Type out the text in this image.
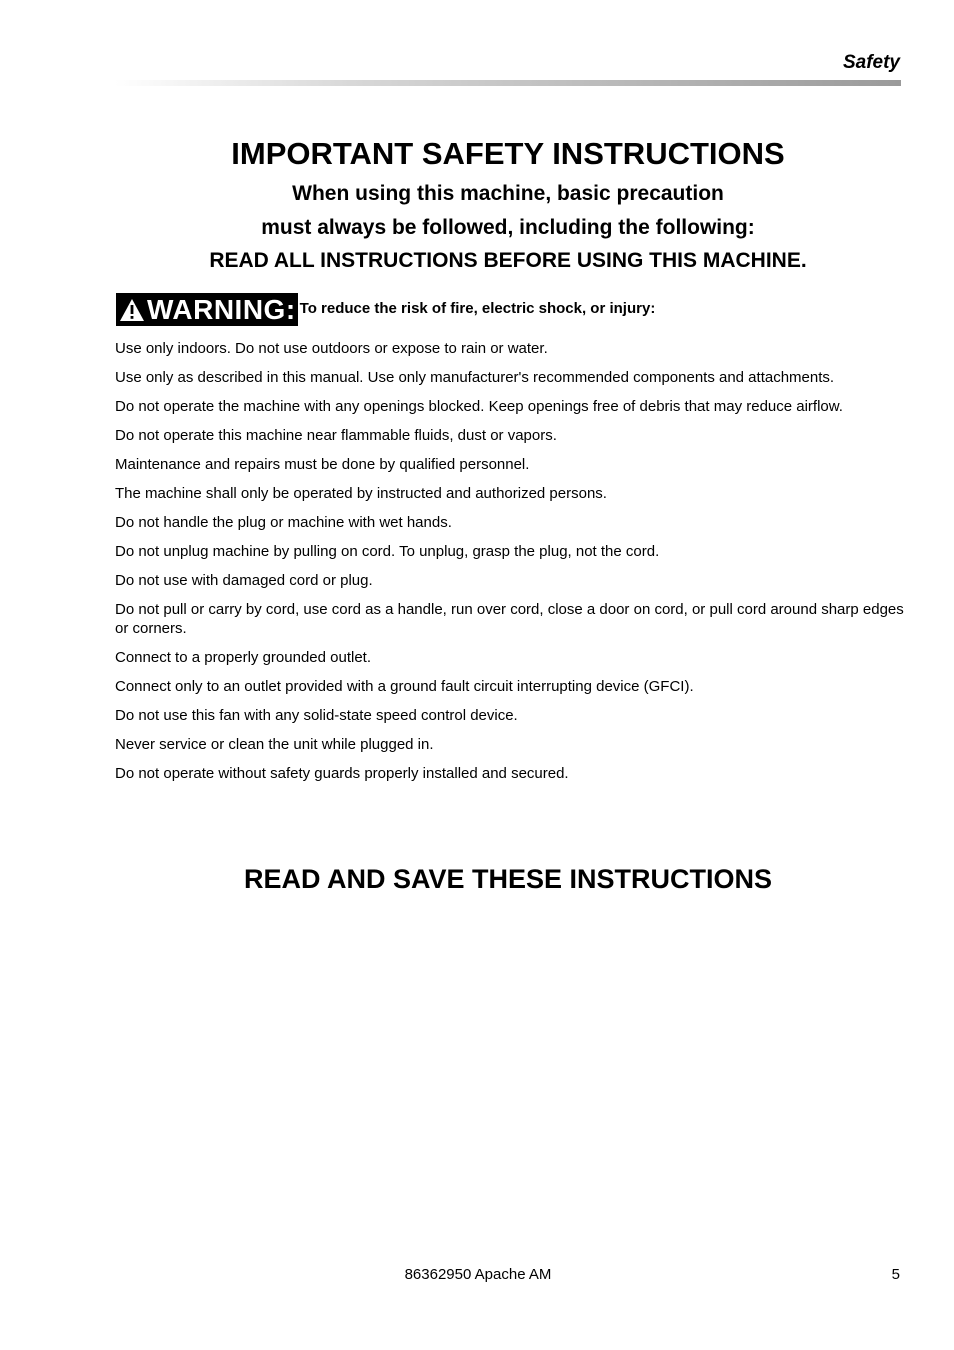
Safety
IMPORTANT SAFETY INSTRUCTIONS
When using this machine, basic precaution
must always be followed, including the following:
READ ALL INSTRUCTIONS BEFORE USING THIS MACHINE.
WARNING: To reduce the risk of fire, electric shock, or injury:
Use only indoors. Do not use outdoors or expose to rain or water.
Use only as described in this manual. Use only manufacturer's recommended components and attachments.
Do not operate the machine with any openings blocked. Keep openings free of debris that may reduce airflow.
Do not operate this machine near flammable fluids, dust or vapors.
Maintenance and repairs must be done by qualified personnel.
The machine shall only be operated by instructed and authorized persons.
Do not handle the plug or machine with wet hands.
Do not unplug machine by pulling on cord. To unplug, grasp the plug, not the cord.
Do not use with damaged cord or plug.
Do not pull or carry by cord, use cord as a handle, run over cord, close a door on cord, or pull cord around sharp edges or corners.
Connect to a properly grounded outlet.
Connect only to an outlet provided with a ground fault circuit interrupting device (GFCI).
Do not use this fan with any solid-state speed control device.
Never service or clean the unit while plugged in.
Do not operate without safety guards properly installed and secured.
READ AND SAVE THESE INSTRUCTIONS
86362950 Apache AM	5
